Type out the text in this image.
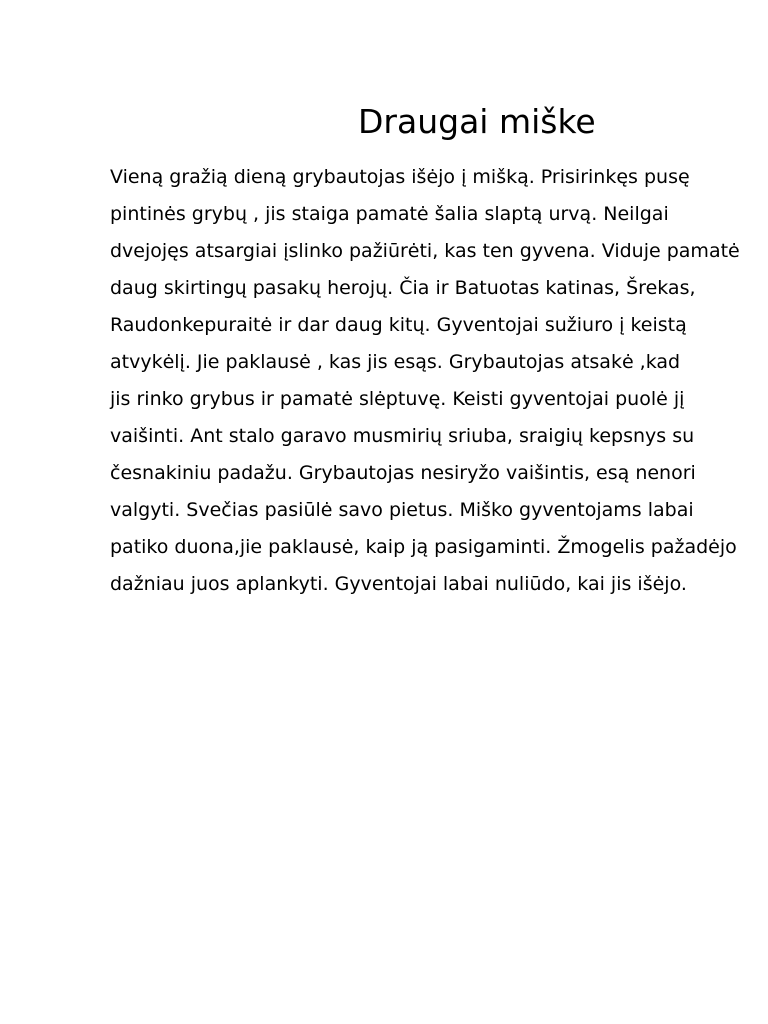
Draugai miške

Vieną gražią dieną grybautojas išėjo į mišką. Prisirinkęs pusę

pintinės grybų , jis staiga pamatė šalia slaptą urvą. Neilgai

dvejojęs atsargiai įslinko pažiūrėti, kas ten gyvena. Viduje pamatė

daug skirtingų pasakų herojų. Čia ir Batuotas katinas, Šrekas,

Raudonkepuraitė ir dar daug kitų. Gyventojai sužiuro į keistą

atvykėlį. Jie paklausė , kas jis esąs. Grybautojas atsakė ,kad

jis rinko grybus ir pamatė slėptuvę. Keisti gyventojai puolė jį

vaišinti. Ant stalo garavo musmirių sriuba, sraigių kepsnys su

česnakiniu padažu. Grybautojas nesiryžo vaišintis, esą nenori

valgyti. Svečias pasiūlė savo pietus. Miško gyventojams labai

patiko duona,jie paklausė, kaip ją pasigaminti. Žmogelis pažadėjo

dažniau juos aplankyti. Gyventojai labai nuliūdo, kai jis išėjo.
